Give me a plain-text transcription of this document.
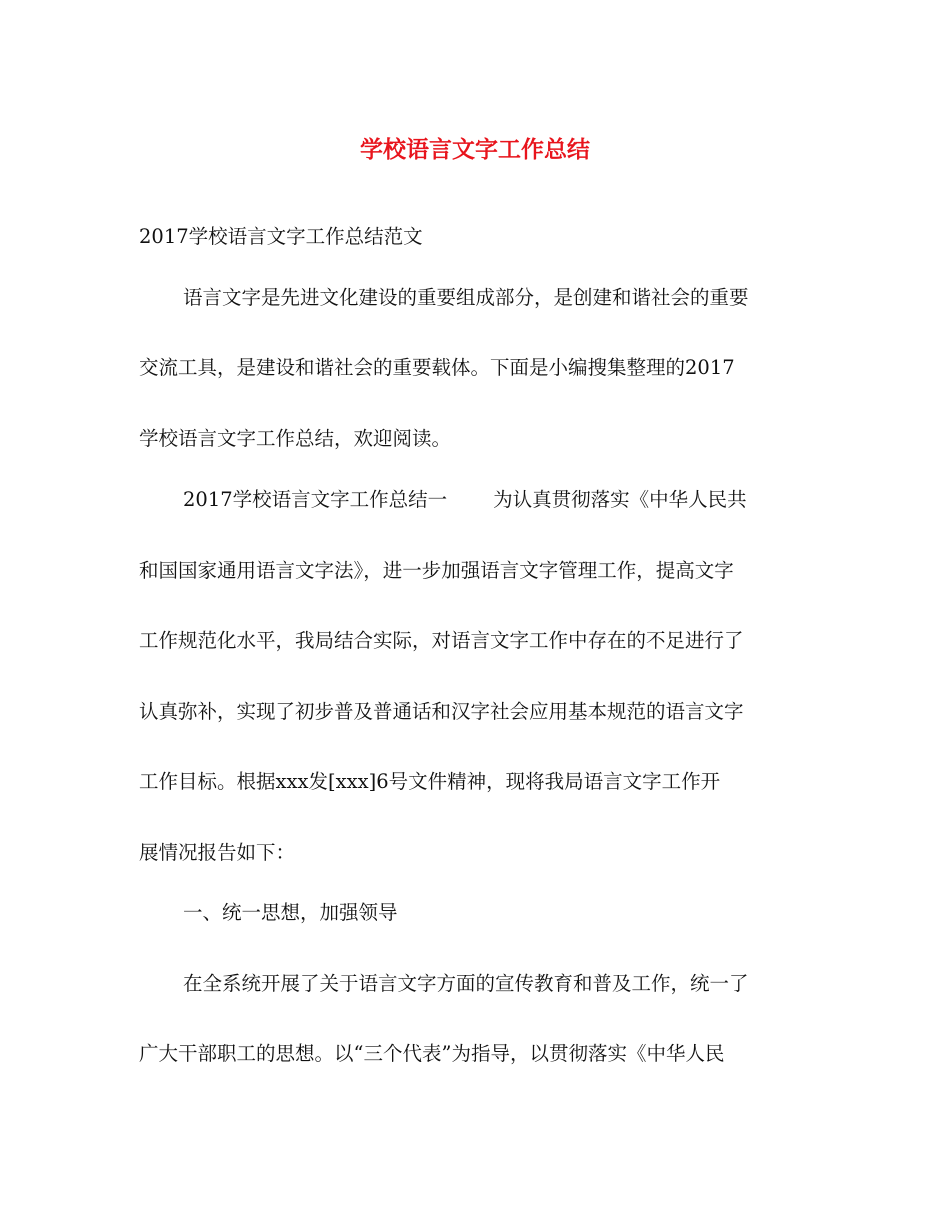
学校语言文字工作总结
2017学校语言文字工作总结范文
语言文字是先进文化建设的重要组成部分，是创建和谐社会的重要
交流工具，是建设和谐社会的重要载体。下面是小编搜集整理的2017
学校语言文字工作总结，欢迎阅读。
2017学校语言文字工作总结一 为认真贯彻落实《中华人民共
和国国家通用语言文字法》，进一步加强语言文字管理工作，提高文字
工作规范化水平，我局结合实际，对语言文字工作中存在的不足进行了
认真弥补，实现了初步普及普通话和汉字社会应用基本规范的语言文字
工作目标。根据xxx发[xxx]6号文件精神，现将我局语言文字工作开
展情况报告如下：
一、统一思想，加强领导
在全系统开展了关于语言文字方面的宣传教育和普及工作，统一了
广大干部职工的思想。以“三个代表”为指导，以贯彻落实《中华人民
